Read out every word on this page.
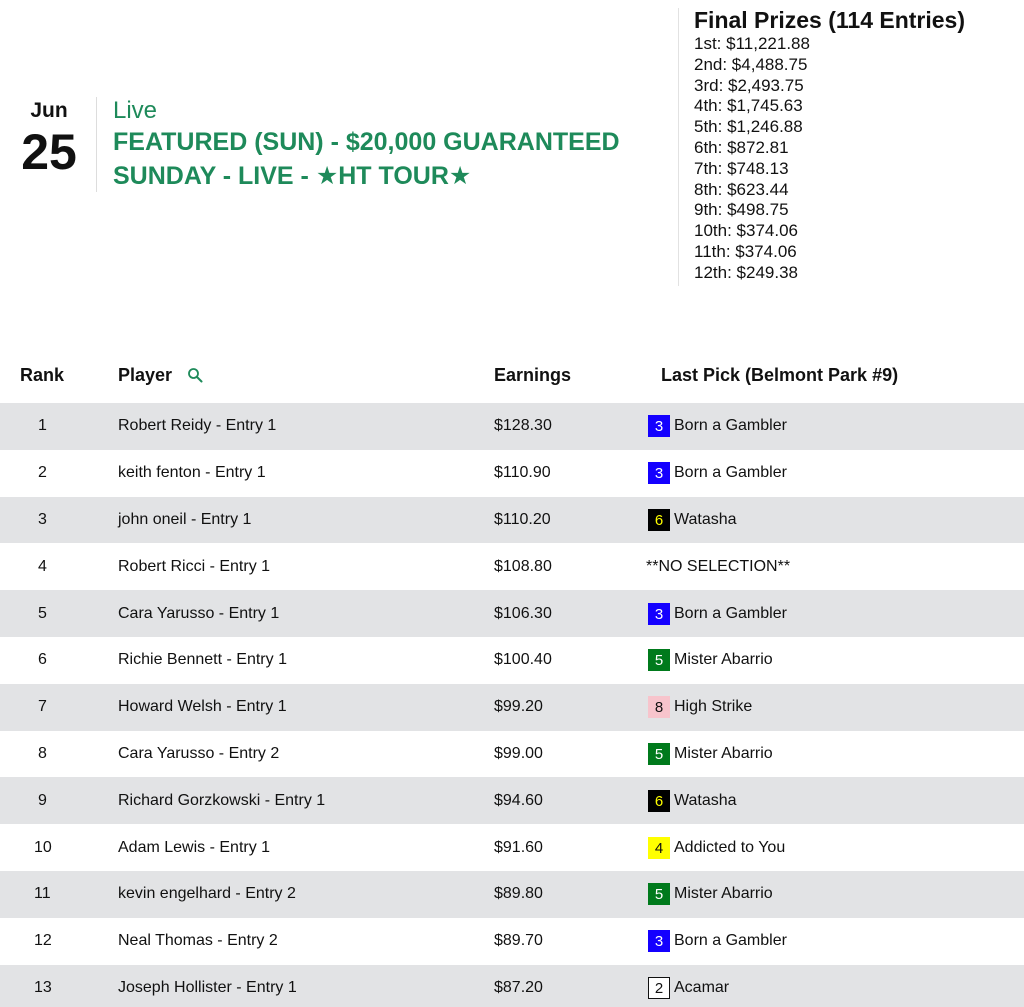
Jun
25
Live
FEATURED (SUN) - $20,000 GUARANTEED
SUNDAY - LIVE - ★HT TOUR★
Final Prizes (114 Entries)
1st: $11,221.88
2nd: $4,488.75
3rd: $2,493.75
4th: $1,745.63
5th: $1,246.88
6th: $872.81
7th: $748.13
8th: $623.44
9th: $498.75
10th: $374.06
11th: $374.06
12th: $249.38
Rank	Player	Earnings	Last Pick (Belmont Park #9)

1	Robert Reidy - Entry 1	$128.30	3 Born a Gambler

2	keith fenton - Entry 1	$110.90	3 Born a Gambler

3	john oneil - Entry 1	$110.20	6 Watasha

4	Robert Ricci - Entry 1	$108.80	**NO SELECTION**
5	Cara Yarusso - Entry 1	$106.30	3 Born a Gambler

6	Richie Bennett - Entry 1	$100.40	5 Mister Abarrio

7	Howard Welsh - Entry 1	$99.20	8 High Strike

8	Cara Yarusso - Entry 2	$99.00	5 Mister Abarrio

9	Richard Gorzkowski - Entry 1	$94.60	6 Watasha

10	Adam Lewis - Entry 1	$91.60	4 Addicted to You

11	kevin engelhard - Entry 2	$89.80	5 Mister Abarrio

12	Neal Thomas - Entry 2	$89.70	3 Born a Gambler

13	Joseph Hollister - Entry 1	$87.20	2 Acamar
